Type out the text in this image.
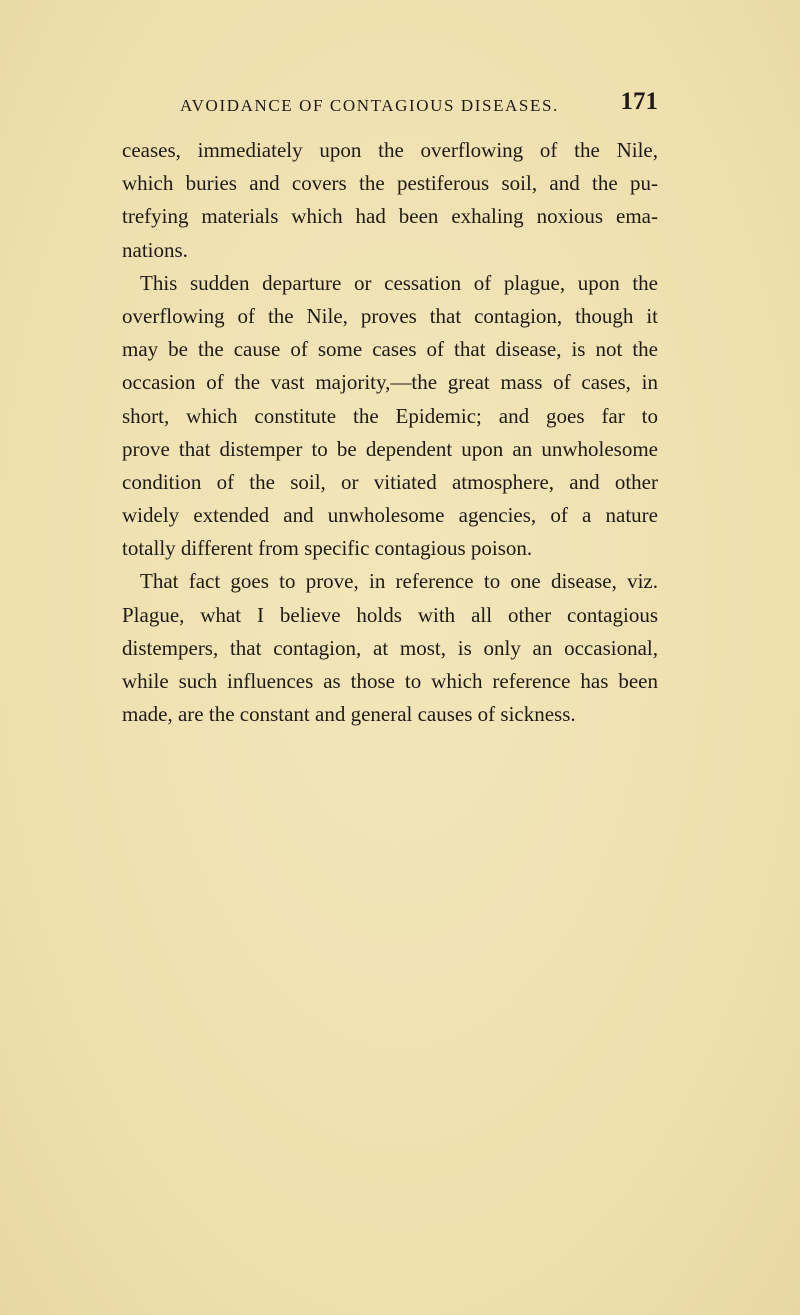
AVOIDANCE OF CONTAGIOUS DISEASES. 171
ceases, immediately upon the overflowing of the Nile,
which buries and covers the pestiferous soil, and the pu-
trefying materials which had been exhaling noxious ema-
nations.
This sudden departure or cessation of plague, upon the
overflowing of the Nile, proves that contagion, though it
may be the cause of some cases of that disease, is not the
occasion of the vast majority,—the great mass of cases, in
short, which constitute the Epidemic; and goes far to
prove that distemper to be dependent upon an unwholesome
condition of the soil, or vitiated atmosphere, and other
widely extended and unwholesome agencies, of a nature
totally different from specific contagious poison.
That fact goes to prove, in reference to one disease, viz.
Plague, what I believe holds with all other contagious
distempers, that contagion, at most, is only an occasional,
while such influences as those to which reference has been
made, are the constant and general causes of sickness.
